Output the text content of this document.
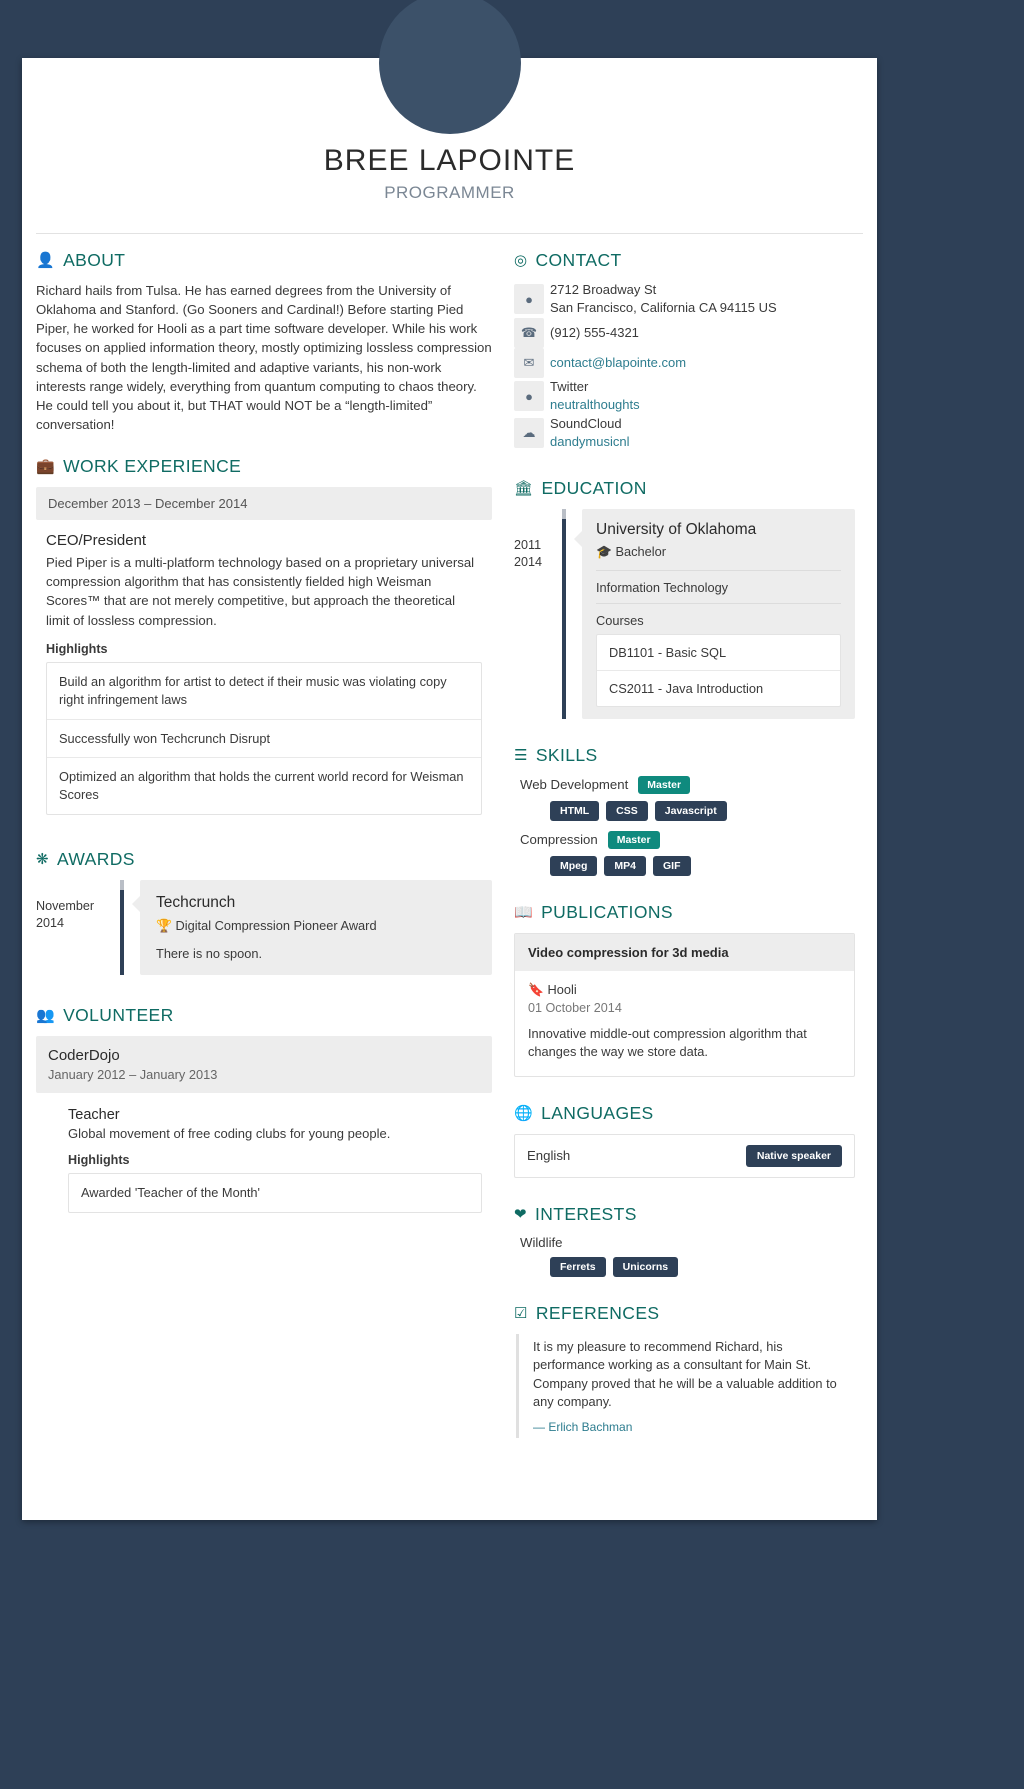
BREE LAPOINTE
PROGRAMMER
👤 ABOUT
Richard hails from Tulsa. He has earned degrees from the University of Oklahoma and Stanford. (Go Sooners and Cardinal!) Before starting Pied Piper, he worked for Hooli as a part time software developer. While his work focuses on applied information theory, mostly optimizing lossless compression schema of both the length-limited and adaptive variants, his non-work interests range widely, everything from quantum computing to chaos theory. He could tell you about it, but THAT would NOT be a “length-limited” conversation!
💼 WORK EXPERIENCE
December 2013 – December 2014
CEO/President

Pied Piper is a multi-platform technology based on a proprietary universal compression algorithm that has consistently fielded high Weisman Scores™ that are not merely competitive, but approach the theoretical limit of lossless compression.

Highlights
Build an algorithm for artist to detect if their music was violating copy right infringement laws
Successfully won Techcrunch Disrupt
Optimized an algorithm that holds the current world record for Weisman Scores
❋ AWARDS
November 2014
Techcrunch
🏆 Digital Compression Pioneer Award

There is no spoon.

👥 VOLUNTEER
CoderDojo
January 2012 – January 2013
Teacher

Global movement of free coding clubs for young people.

Highlights
Awarded 'Teacher of the Month'
◎ CONTACT
●	2712 Broadway St
San Francisco, California CA 94115 US

☎	(912) 555-4321

✉	contact@blapointe.com

●	Twitter
neutralthoughts

☁	SoundCloud
dandymusicnl
🏛 EDUCATION
2011
2014
University of Oklahoma

🎓 Bachelor

Information Technology
Courses
DB1101 - Basic SQL
CS2011 - Java Introduction
☰ SKILLS
Web Development	Master
HTML	CSS	Javascript
Compression	Master
Mpeg	MP4	GIF
📖 PUBLICATIONS
Video compression for 3d media

🔖 Hooli

01 October 2014

Innovative middle-out compression algorithm that changes the way we store data.

🌐 LANGUAGES
English	Native speaker
❤ INTERESTS
Wildlife
Ferrets	Unicorns
☑ REFERENCES

It is my pleasure to recommend Richard, his performance working as a consultant for Main St. Company proved that he will be a valuable addition to any company.

— Erlich Bachman
